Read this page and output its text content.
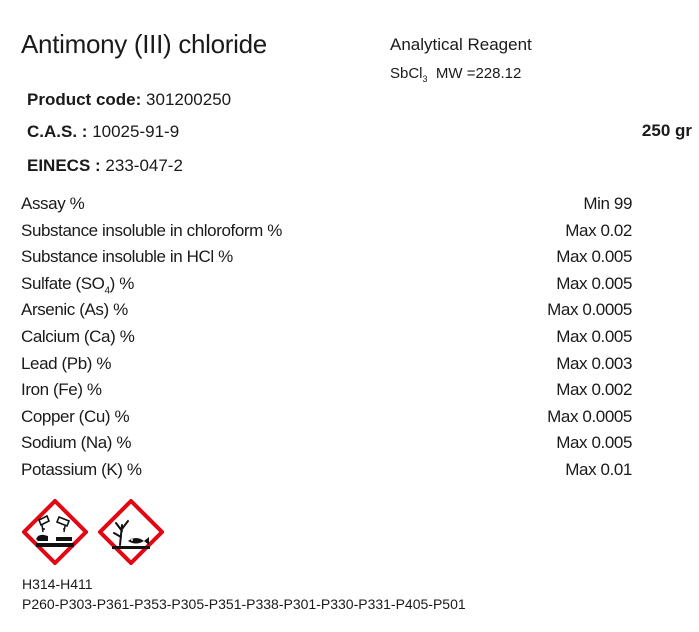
Antimony (III) chloride	Analytical Reagent
SbCl$_3$ MW =228.12
Product code: 301200250
C.A.S. : 10025-91-9
EINECS : 233-047-2
250 gr
Assay %	Min 99
Substance insoluble in chloroform %	Max 0.02
Substance insoluble in HCl %	Max 0.005
Sulfate $(SO_4)$ %	Max 0.005
Arsenic (As) %	Max 0.0005
Calcium (Ca) %	Max 0.005
Lead (Pb) %	Max 0.003
Iron (Fe) %	Max 0.002
Copper (Cu) %	Max 0.0005
Sodium (Na) %	Max 0.005
Potassium (K) %	Max 0.01
H314-H411
P260-P303-P361-P353-P305-P351-P338-P301-P330-P331-P405-P501
